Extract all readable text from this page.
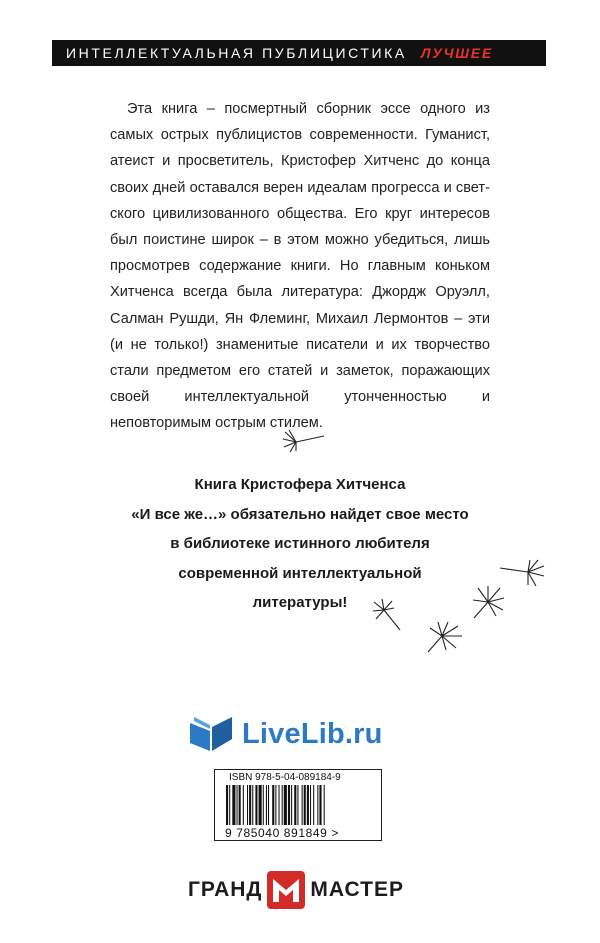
ИНТЕЛЛЕКТУАЛЬНАЯ ПУБЛИЦИСТИКА ЛУЧШЕЕ

Эта книга – посмертный сборник эссе одного из самых острых публицистов современности. Гуманист, атеист и просветитель, Кристофер Хитченс до конца своих дней оставался верен идеалам прогресса и светского цивилизованного общества. Его круг интересов был поистине широк – в этом можно убедиться, лишь просмотрев содержание книги. Но главным коньком Хитченса всегда была литература: Джордж Оруэлл, Салман Рушди, Ян Флеминг, Михаил Лермонтов – эти (и не только!) знаменитые писатели и их творчество стали предметом его статей и заметок, поражающих своей интеллектуальной утонченностью и неповторимым острым стилем.

Книга Кристофера Хитченса
«И все же…» обязательно найдет свое место
в библиотеке истинного любителя
современной интеллектуальной
литературы!
LiveLib.ru
ISBN 978-5-04-089184-9
9 785040 891849 >
ГРАНД МАСТЕР
